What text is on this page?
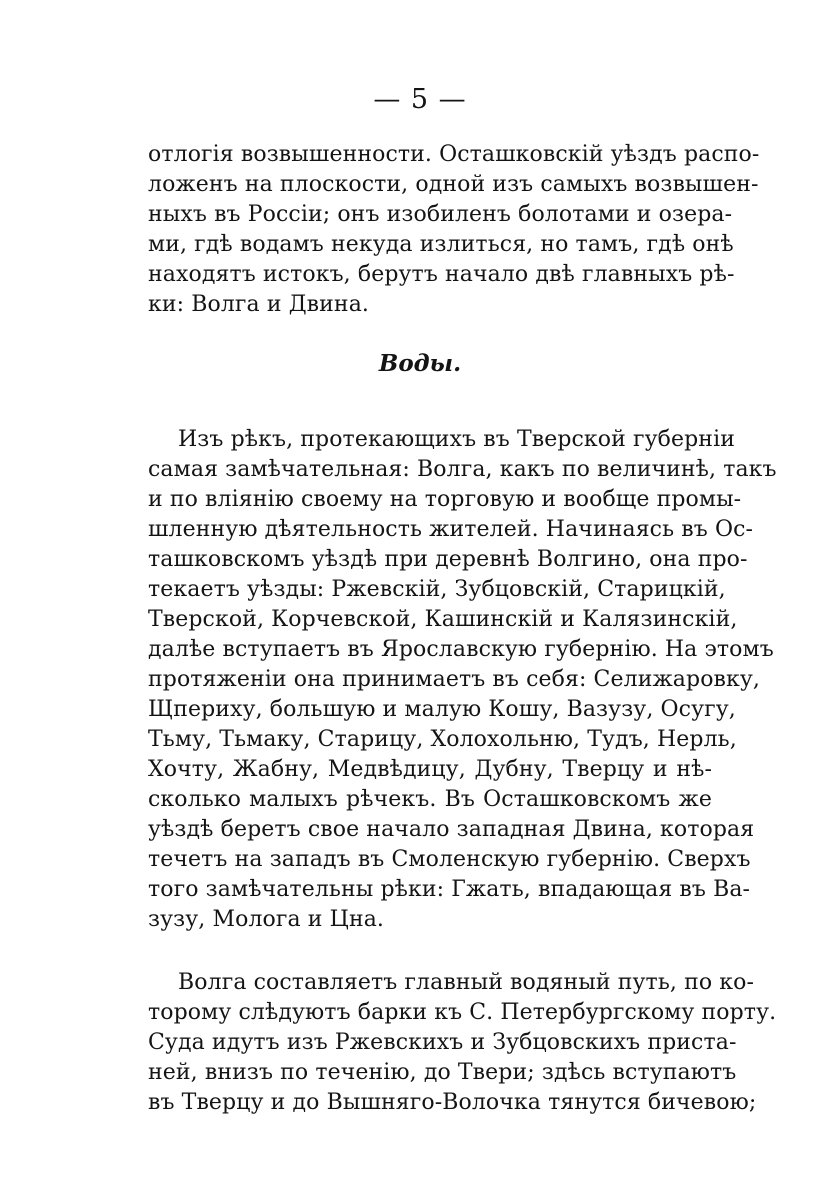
— 5 —
отлогія возвышенности. Осташковскій уѣздъ распо-
ложенъ на плоскости, одной изъ самыхъ возвышен-
ныхъ въ Россіи; онъ изобиленъ болотами и озера-
ми, гдѣ водамъ некуда излиться, но тамъ, гдѣ онѣ
находятъ истокъ, берутъ начало двѣ главныхъ рѣ-
ки: Волга и Двина.
Воды.
Изъ рѣкъ, протекающихъ въ Тверской губерніи
самая замѣчательная: Волга, какъ по величинѣ, такъ
и по вліянію своему на торговую и вообще промы-
шленную дѣятельность жителей. Начинаясь въ Ос-
ташковскомъ уѣздѣ при деревнѣ Волгино, она про-
текаетъ уѣзды: Ржевскій, Зубцовскій, Старицкій,
Тверской, Корчевской, Кашинскій и Калязинскій,
далѣе вступаетъ въ Ярославскую губернію. На этомъ
протяженіи она принимаетъ въ себя: Селижаровку,
Щпериху, большую и малую Кошу, Вазузу, Осугу,
Тьму, Тьмаку, Старицу, Холохольню, Тудъ, Нерль,
Хочту, Жабну, Медвѣдицу, Дубну, Тверцу и нѣ-
сколько малыхъ рѣчекъ. Въ Осташковскомъ же
уѣздѣ беретъ свое начало западная Двина, которая
течетъ на западъ въ Смоленскую губернію. Сверхъ
того замѣчательны рѣки: Гжать, впадающая въ Ва-
зузу, Молога и Цна.
Волга составляетъ главный водяный путь, по ко-
торому слѣдуютъ барки къ С. Петербургскому порту.
Суда идутъ изъ Ржевскихъ и Зубцовскихъ приста-
ней, внизъ по теченію, до Твери; здѣсь вступаютъ
въ Тверцу и до Вышняго-Волочка тянутся бичевою;
